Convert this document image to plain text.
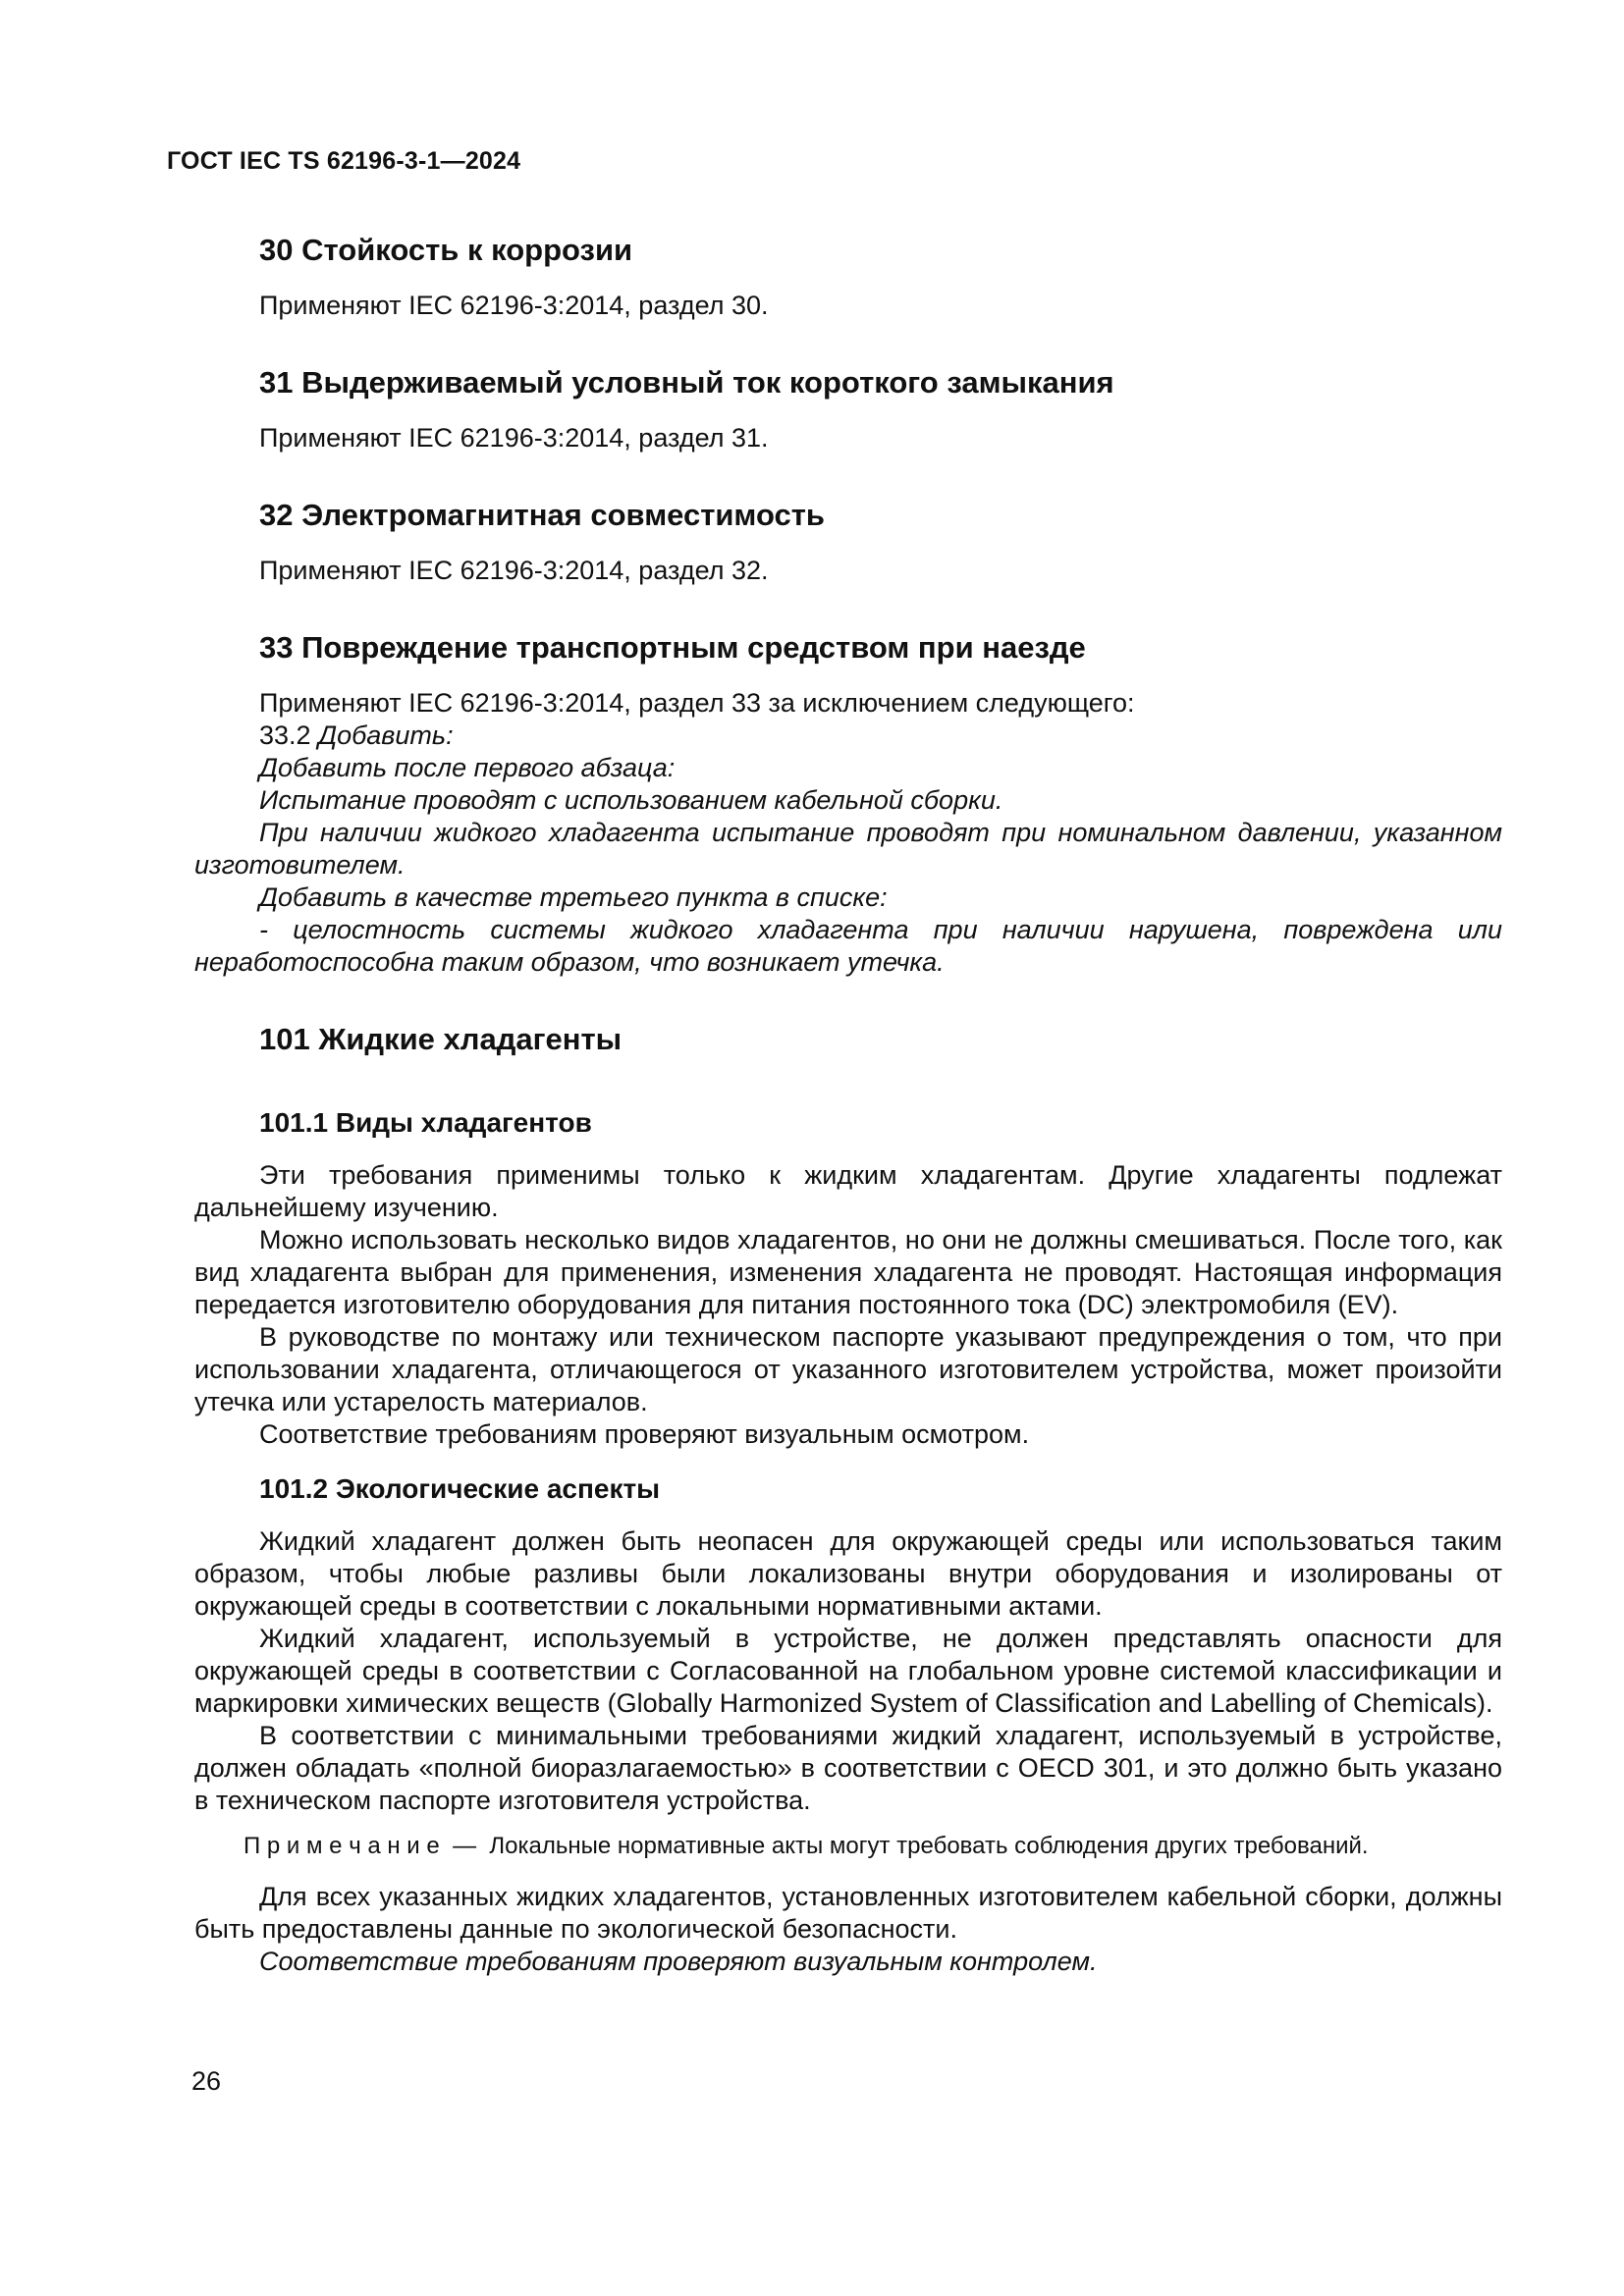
ГОСТ IEC TS 62196-3-1—2024
30 Стойкость к коррозии

Применяют IEC 62196-3:2014, раздел 30.

31 Выдерживаемый условный ток короткого замыкания

Применяют IEC 62196-3:2014, раздел 31.

32 Электромагнитная совместимость

Применяют IEC 62196-3:2014, раздел 32.

33 Повреждение транспортным средством при наезде

Применяют IEC 62196-3:2014, раздел 33 за исключением следующего:

33.2 Добавить:

Добавить после первого абзаца:

Испытание проводят с использованием кабельной сборки.

При наличии жидкого хладагента испытание проводят при номинальном давлении, указанном изготовителем.

Добавить в качестве третьего пункта в списке:

- целостность системы жидкого хладагента при наличии нарушена, повреждена или неработоспособна таким образом, что возникает утечка.

101 Жидкие хладагенты
101.1 Виды хладагентов

Эти требования применимы только к жидким хладагентам. Другие хладагенты подлежат дальнейшему изучению.

Можно использовать несколько видов хладагентов, но они не должны смешиваться. После того, как вид хладагента выбран для применения, изменения хладагента не проводят. Настоящая информация передается изготовителю оборудования для питания постоянного тока (DC) электромобиля (EV).

В руководстве по монтажу или техническом паспорте указывают предупреждения о том, что при использовании хладагента, отличающегося от указанного изготовителем устройства, может произойти утечка или устарелость материалов.

Соответствие требованиям проверяют визуальным осмотром.

101.2 Экологические аспекты

Жидкий хладагент должен быть неопасен для окружающей среды или использоваться таким образом, чтобы любые разливы были локализованы внутри оборудования и изолированы от окружающей среды в соответствии с локальными нормативными актами.

Жидкий хладагент, используемый в устройстве, не должен представлять опасности для окружающей среды в соответствии с Согласованной на глобальном уровне системой классификации и маркировки химических веществ (Globally Harmonized System of Classification and Labelling of Chemicals).

В соответствии с минимальными требованиями жидкий хладагент, используемый в устройстве, должен обладать «полной биоразлагаемостью» в соответствии с OECD 301, и это должно быть указано в техническом паспорте изготовителя устройства.

П р и м е ч а н и е — Локальные нормативные акты могут требовать соблюдения других требований.

Для всех указанных жидких хладагентов, установленных изготовителем кабельной сборки, должны быть предоставлены данные по экологической безопасности.

Соответствие требованиям проверяют визуальным контролем.

26
